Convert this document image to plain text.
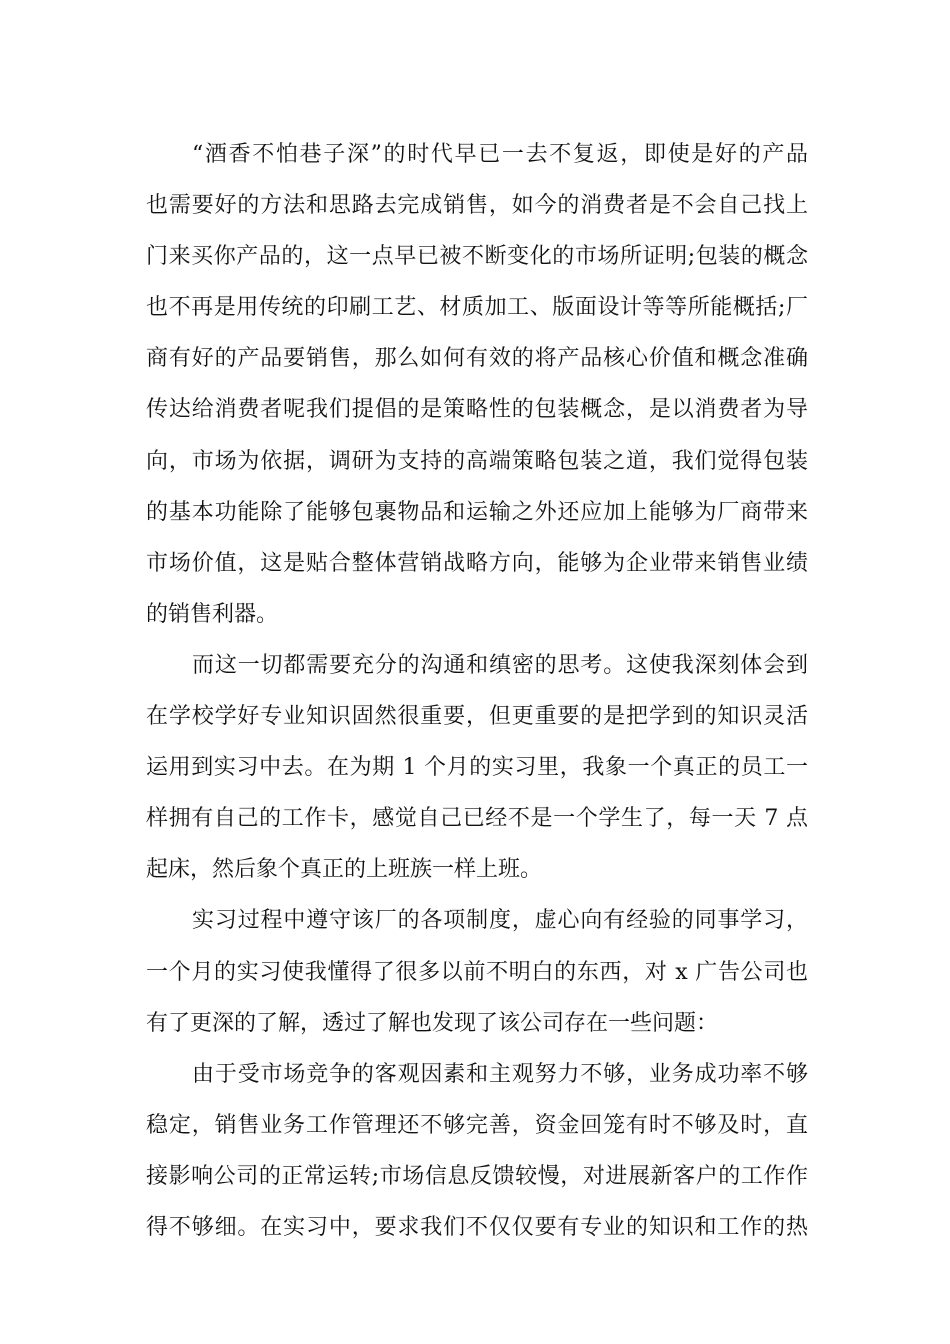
“酒香不怕巷子深”的时代早已一去不复返，即使是好的产品
也需要好的方法和思路去完成销售，如今的消费者是不会自己找上
门来买你产品的，这一点早已被不断变化的市场所证明;包装的概念
也不再是用传统的印刷工艺、材质加工、版面设计等等所能概括;厂
商有好的产品要销售，那么如何有效的将产品核心价值和概念准确
传达给消费者呢我们提倡的是策略性的包装概念，是以消费者为导
向，市场为依据，调研为支持的高端策略包装之道，我们觉得包装
的基本功能除了能够包裹物品和运输之外还应加上能够为厂商带来
市场价值，这是贴合整体营销战略方向，能够为企业带来销售业绩
的销售利器。
而这一切都需要充分的沟通和缜密的思考。这使我深刻体会到
在学校学好专业知识固然很重要，但更重要的是把学到的知识灵活
运用到实习中去。在为期 1 个月的实习里，我象一个真正的员工一
样拥有自己的工作卡，感觉自己已经不是一个学生了，每一天 7 点
起床，然后象个真正的上班族一样上班。
实习过程中遵守该厂的各项制度，虚心向有经验的同事学习，
一个月的实习使我懂得了很多以前不明白的东西，对 x 广告公司也
有了更深的了解，透过了解也发现了该公司存在一些问题：
由于受市场竞争的客观因素和主观努力不够，业务成功率不够
稳定，销售业务工作管理还不够完善，资金回笼有时不够及时，直
接影响公司的正常运转;市场信息反馈较慢，对进展新客户的工作作
得不够细。在实习中，要求我们不仅仅要有专业的知识和工作的热
